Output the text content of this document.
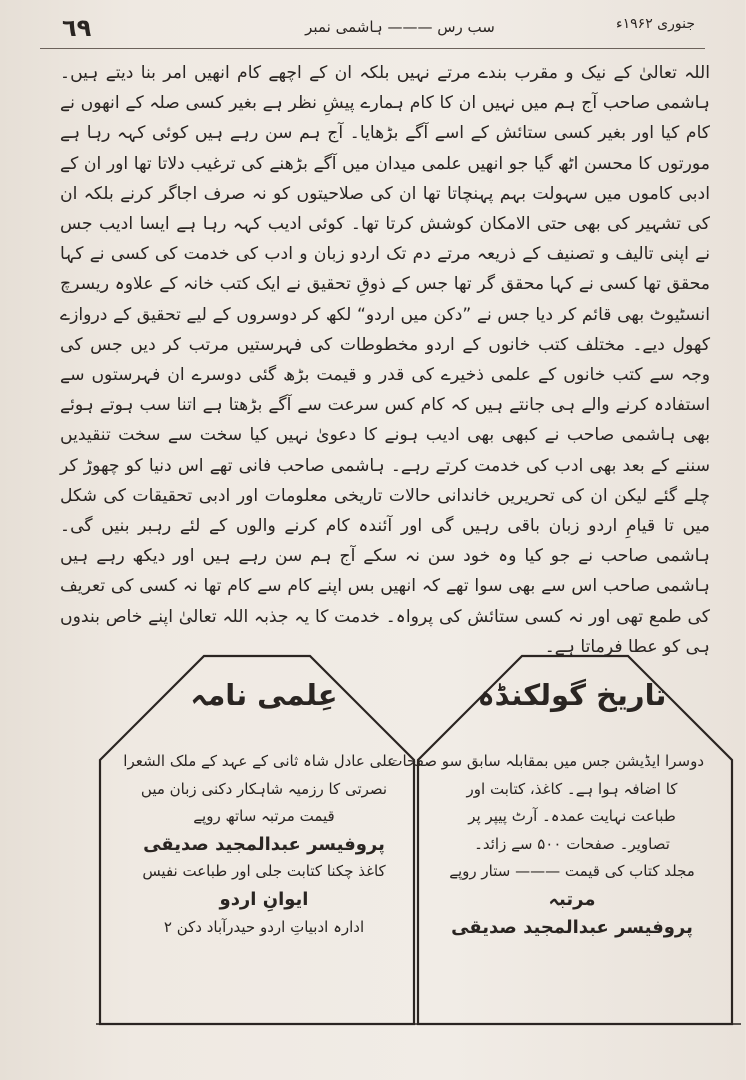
٦٩	سب رس ——— ہاشمی نمبر	جنوری ۱۹۶۲ء

اللہ تعالیٰ کے نیک و مقرب بندے مرتے نہیں بلکہ ان کے اچھے کام انھیں امر بنا دیتے ہیں۔ ہاشمی صاحب آج ہم میں نہیں ان کا کام ہمارے پیشِ نظر ہے بغیر کسی صلہ کے انھوں نے کام کیا اور بغیر کسی ستائش کے اسے آگے بڑھایا۔ آج ہم سن رہے ہیں کوئی کہہ رہا ہے مورتوں کا محسن اٹھ گیا جو انھیں علمی میدان میں آگے بڑھنے کی ترغیب دلاتا تھا اور ان کے ادبی کاموں میں سہولت بہم پہنچاتا تھا ان کی صلاحیتوں کو نہ صرف اجاگر کرنے بلکہ ان کی تشہیر کی بھی حتی الامکان کوشش کرتا تھا۔ کوئی ادیب کہہ رہا ہے ایسا ادیب جس نے اپنی تالیف و تصنیف کے ذریعہ مرتے دم تک اردو زبان و ادب کی خدمت کی کسی نے کہا محقق تھا کسی نے کہا محقق گر تھا جس کے ذوقِ تحقیق نے ایک کتب خانہ کے علاوہ ریسرچ انسٹیوٹ بھی قائم کر دیا جس نے ”دکن میں اردو“ لکھ کر دوسروں کے لیے تحقیق کے دروازے کھول دیے۔ مختلف کتب خانوں کے اردو مخطوطات کی فہرستیں مرتب کر دیں جس کی وجہ سے کتب خانوں کے علمی ذخیرے کی قدر و قیمت بڑھ گئی دوسرے ان فہرستوں سے استفادہ کرنے والے ہی جانتے ہیں کہ کام کس سرعت سے آگے بڑھتا ہے اتنا سب ہوتے ہوئے بھی ہاشمی صاحب نے کبھی بھی ادیب ہونے کا دعویٰ نہیں کیا سخت سے سخت تنقیدیں سننے کے بعد بھی ادب کی خدمت کرتے رہے۔ ہاشمی صاحب فانی تھے اس دنیا کو چھوڑ کر چلے گئے لیکن ان کی تحریریں خاندانی حالات تاریخی معلومات اور ادبی تحقیقات کی شکل میں تا قیامِ اردو زبان باقی رہیں گی اور آئندہ کام کرنے والوں کے لئے رہبر بنیں گی۔ ہاشمی صاحب نے جو کیا وہ خود سن نہ سکے آج ہم سن رہے ہیں اور دیکھ رہے ہیں ہاشمی صاحب اس سے بھی سوا تھے کہ انھیں بس اپنے کام سے کام تھا نہ کسی کی تعریف کی طمع تھی اور نہ کسی ستائش کی پرواہ۔ خدمت کا یہ جذبہ اللہ تعالیٰ اپنے خاص بندوں ہی کو عطا فرماتا ہے۔

عِلمی نامہ
علی عادل شاہ ثانی کے عہد کے ملک الشعرا
نصرتی کا رزمیہ شاہکار دکنی زبان میں
قیمت مرتبہ ساتھ روپے
پروفیسر عبدالمجید صدیقی
کاغذ چکنا کتابت جلی اور طباعت نفیس
ایوانِ اردو
ادارہ ادبیاتِ اردو حیدرآباد دکن ۲
تاریخ گولکنڈہ
دوسرا ایڈیشن جس میں بمقابلہ سابق سو صفحات
کا اضافہ ہوا ہے۔ کاغذ، کتابت اور
طباعت نہایت عمدہ۔ آرٹ پیپر پر
تصاویر۔ صفحات ۵۰۰ سے زائد۔
مجلد کتاب کی قیمت ——— ستار روپے
مرتبہ
پروفیسر عبدالمجید صدیقی
